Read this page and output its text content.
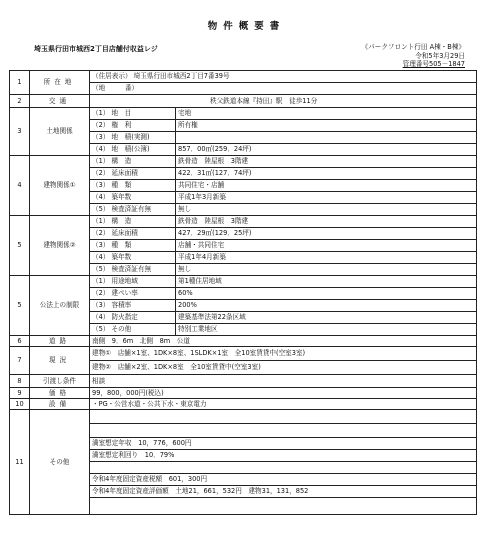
物件概要書
埼玉県行田市城西2丁目店舗付収益レジ	《パークフロント行田 A棟・B棟》
令和5年3月29日
管理番号505－1847
1	所在地	（住居表示） 埼玉県行田市城西2丁目7番39号	
		（地　　　番）	
2	交通	秩父鉄道本線『持田』駅　徒歩11分	
3	土地関係	（1） 地　目	宅地
		（2） 権　利	所有権
		（3） 地　積(実測)	
		（4） 地　積(公簿)	857．00㎡(259．24坪)
4	建物関係①	（1） 構　造	鉄骨造　陸屋根　3階建
		（2） 延床面積	422．31㎡(127．74坪)
		（3） 種　類	共同住宅・店舗
		（4） 築年数	平成1年3月新築
		（5） 検査済証有無	無し
5	建物関係②	（1） 構　造	鉄骨造　陸屋根　3階建
		（2） 延床面積	427．29㎡(129．25坪)
		（3） 種　類	店舗・共同住宅
		（4） 築年数	平成1年4月新築
		（5） 検査済証有無	無し
5	公法上の制限	（1） 用途地域	第1種住居地域
		（2） 建ぺい率	60%
		（3） 容積率	200%
		（4） 防火指定	建築基準法第22条区域
		（5） その他	特別工業地区
6	道路	南側　9．6m　北側　8m　公道	
7	現況	建物①　店舗×1室、1DK×8室、1SLDK×1室　全10室賃貸中(空室3室)	
		建物②　店舗×2室、1DK×8室　全10室賃貸中(空室3室)	
8	引渡し条件	相談	
9	価格	99，800，000円(税込)	
10	設備	・PG・公営水道・公共下水・東京電力	
11	その他		

		満室想定年収　10，776，600円	
		満室想定利回り　10．79%	

		令和4年度固定資産税額　601，300円	
		令和4年度固定資産評価額　土地21，661，532円　建物31，131，852	
